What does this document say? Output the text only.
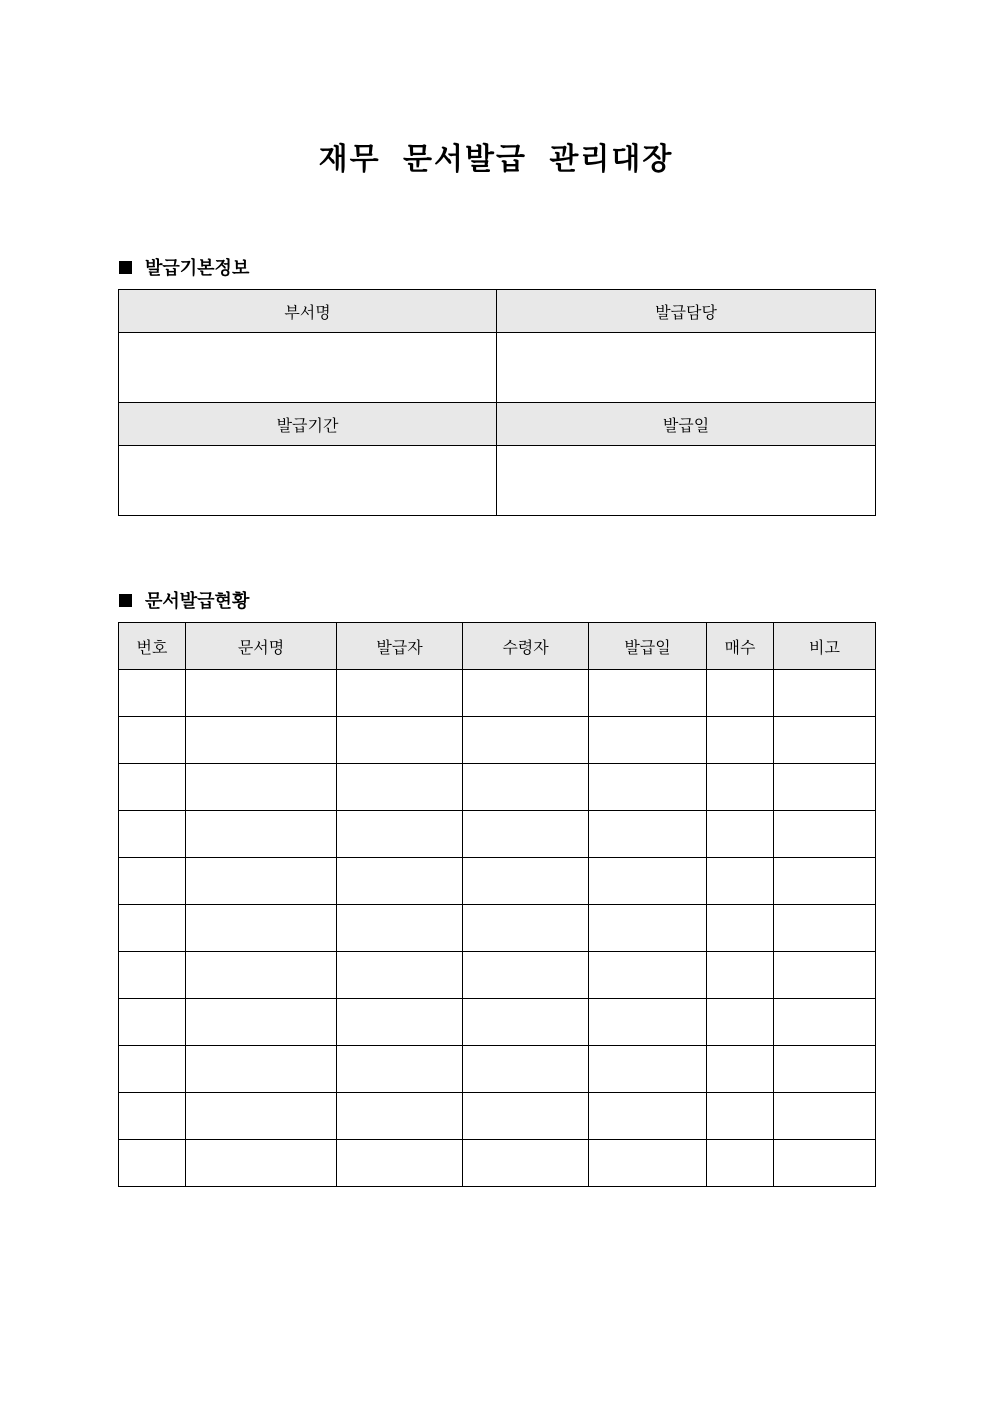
재무 문서발급 관리대장
발급기본정보
부서명	발급담당

발급기간	발급일

문서발급현황
번호	문서명	발급자	수령자	발급일	매수	비고
